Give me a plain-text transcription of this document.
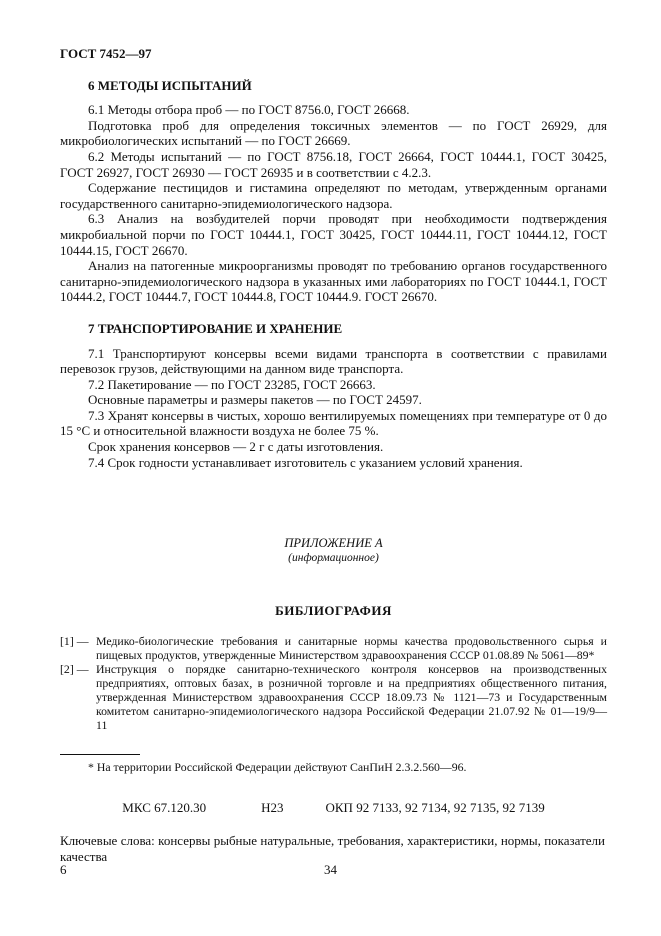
ГОСТ 7452—97
6 МЕТОДЫ ИСПЫТАНИЙ

6.1 Методы отбора проб — по ГОСТ 8756.0, ГОСТ 26668.

Подготовка проб для определения токсичных элементов — по ГОСТ 26929, для микробиологических испытаний — по ГОСТ 26669.

6.2 Методы испытаний — по ГОСТ 8756.18, ГОСТ 26664, ГОСТ 10444.1, ГОСТ 30425, ГОСТ 26927, ГОСТ 26930 — ГОСТ 26935 и в соответствии с 4.2.3.

Содержание пестицидов и гистамина определяют по методам, утвержденным органами государственного санитарно-эпидемиологического надзора.

6.3 Анализ на возбудителей порчи проводят при необходимости подтверждения микробиальной порчи по ГОСТ 10444.1, ГОСТ 30425, ГОСТ 10444.11, ГОСТ 10444.12, ГОСТ 10444.15, ГОСТ 26670.

Анализ на патогенные микроорганизмы проводят по требованию органов государственного санитарно-эпидемиологического надзора в указанных ими лабораториях по ГОСТ 10444.1, ГОСТ 10444.2, ГОСТ 10444.7, ГОСТ 10444.8, ГОСТ 10444.9. ГОСТ 26670.

7 ТРАНСПОРТИРОВАНИЕ И ХРАНЕНИЕ

7.1 Транспортируют консервы всеми видами транспорта в соответствии с правилами перевозок грузов, действующими на данном виде транспорта.

7.2 Пакетирование — по ГОСТ 23285, ГОСТ 26663.

Основные параметры и размеры пакетов — по ГОСТ 24597.

7.3 Хранят консервы в чистых, хорошо вентилируемых помещениях при температуре от 0 до 15 °С и относительной влажности воздуха не более 75 %.

Срок хранения консервов — 2 г с даты изготовления.

7.4 Срок годности устанавливает изготовитель с указанием условий хранения.

ПРИЛОЖЕНИЕ А
(информационное)
БИБЛИОГРАФИЯ
[1] — Медико-биологические требования и санитарные нормы качества продовольственного сырья и пищевых продуктов, утвержденные Министерством здравоохранения СССР 01.08.89 № 5061—89*
[2] — Инструкция о порядке санитарно-технического контроля консервов на производственных предприятиях, оптовых базах, в розничной торговле и на предприятиях общественного питания, утвержденная Министерством здравоохранения СССР 18.09.73 № 1121—73 и Государственным комитетом санитарно-эпидемиологического надзора Российской Федерации 21.07.92 № 01—19/9—11

* На территории Российской Федерации действуют СанПиН 2.3.2.560—96.

МКС 67.120.30	Н23	ОКП 92 7133, 92 7134, 92 7135, 92 7139

Ключевые слова: консервы рыбные натуральные, требования, характеристики, нормы, показатели качества

6	34
